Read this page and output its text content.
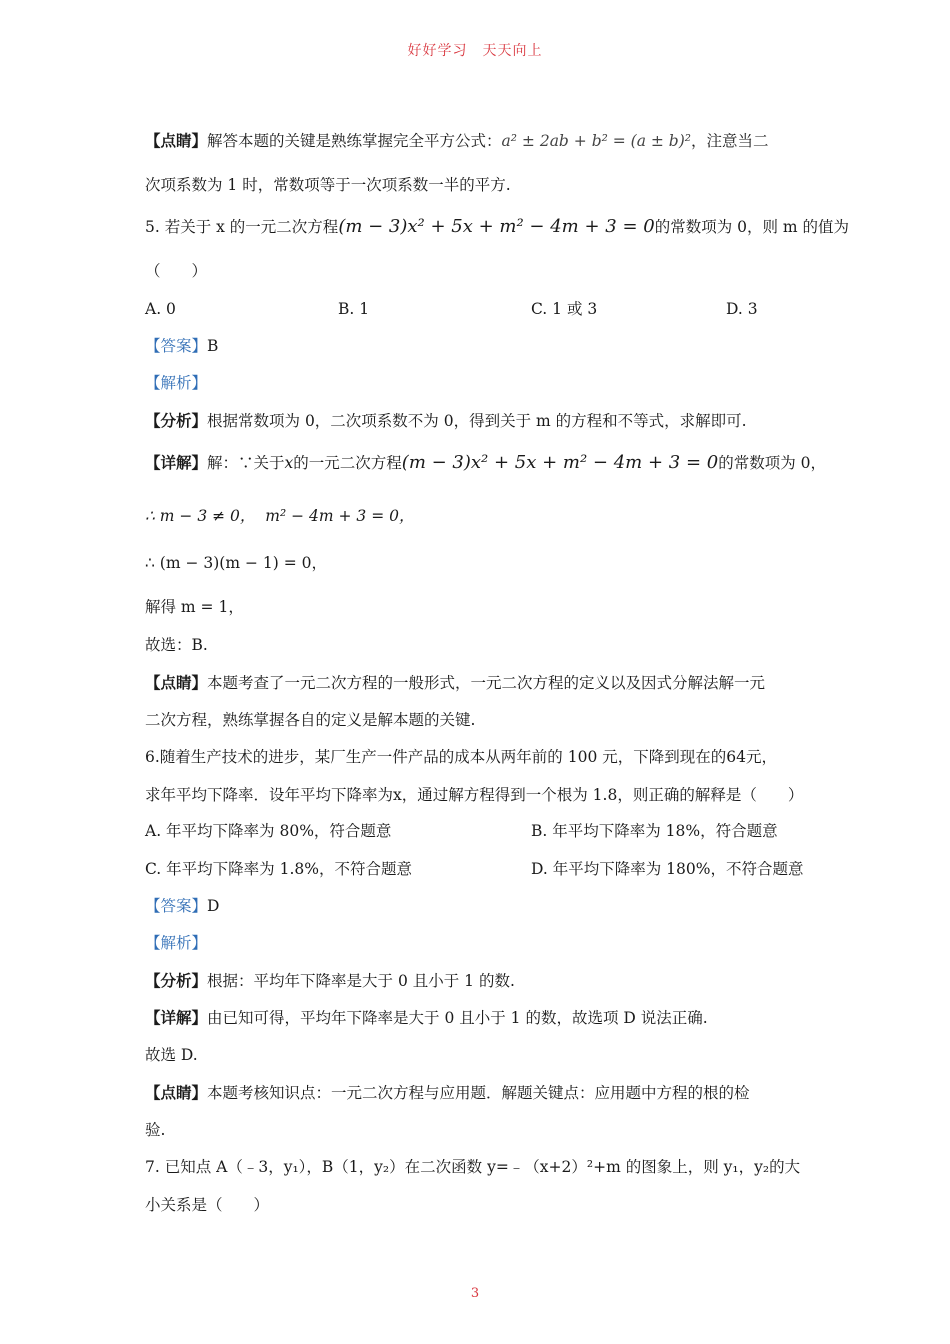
好好学习　天天向上
【点睛】解答本题的关键是熟练掌握完全平方公式：a² ± 2ab + b² = (a ± b)²，注意当二
次项系数为 1 时，常数项等于一次项系数一半的平方.
5. 若关于 x 的一元二次方程(m − 3)x² + 5x + m² − 4m + 3 = 0的常数项为 0，则 m 的值为
（　　）
A. 0	B. 1	C. 1 或 3	D. 3
【答案】B
【解析】
【分析】根据常数项为 0，二次项系数不为 0，得到关于 m 的方程和不等式，求解即可.
【详解】解：∵关于x的一元二次方程(m − 3)x² + 5x + m² − 4m + 3 = 0的常数项为 0，
∴ m − 3 ≠ 0， m² − 4m + 3 = 0，
∴ (m − 3)(m − 1) = 0，
解得 m = 1，
故选：B.
【点睛】本题考查了一元二次方程的一般形式，一元二次方程的定义以及因式分解法解一元
二次方程，熟练掌握各自的定义是解本题的关键.
6.随着生产技术的进步，某厂生产一件产品的成本从两年前的 100 元，下降到现在的64元，
求年平均下降率．设年平均下降率为x，通过解方程得到一个根为 1.8，则正确的解释是（　　）
A. 年平均下降率为 80%，符合题意	B. 年平均下降率为 18%，符合题意
C. 年平均下降率为 1.8%，不符合题意	D. 年平均下降率为 180%，不符合题意
【答案】D
【解析】
【分析】根据：平均年下降率是大于 0 且小于 1 的数.
【详解】由已知可得，平均年下降率是大于 0 且小于 1 的数，故选项 D 说法正确.
故选 D.
【点睛】本题考核知识点：一元二次方程与应用题．解题关键点：应用题中方程的根的检
验.
7. 已知点 A（﹣3，y₁），B（1，y₂）在二次函数 y=﹣（x+2）²+m 的图象上，则 y₁，y₂的大
小关系是（　　）
3
